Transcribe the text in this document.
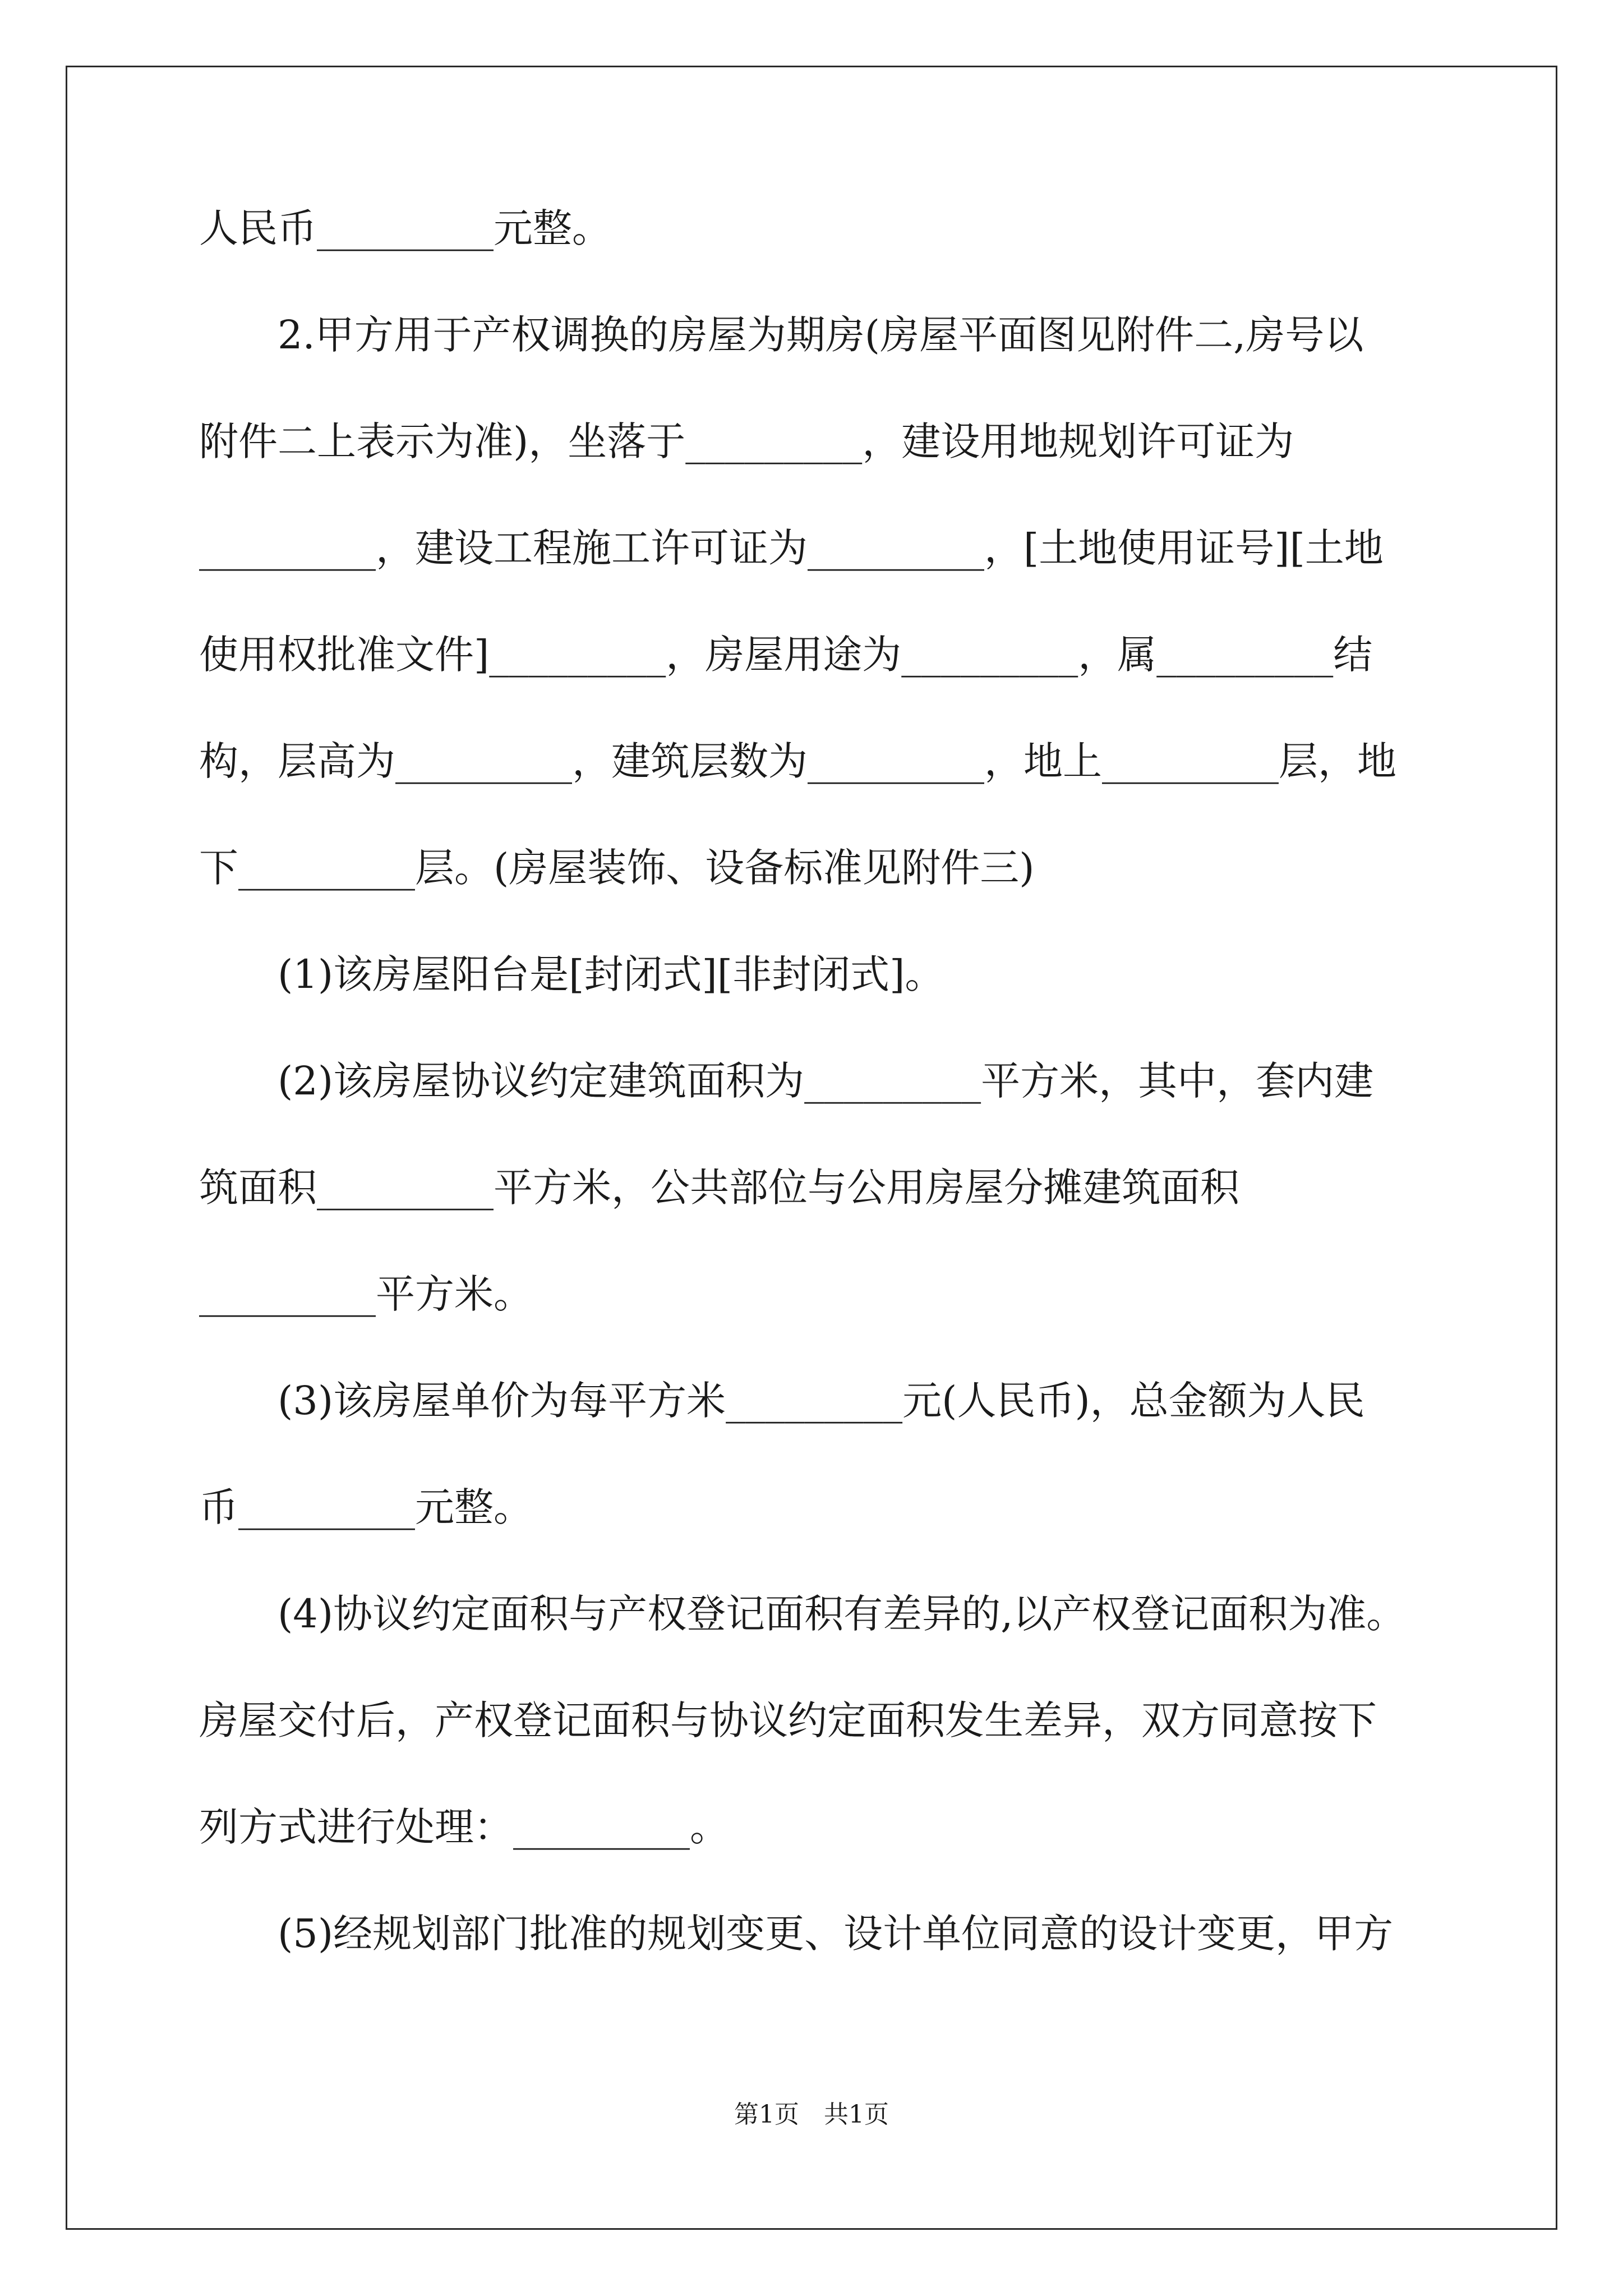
人民币_________元整。
2.甲方用于产权调换的房屋为期房(房屋平面图见附件二,房号以
附件二上表示为准)，坐落于_________，建设用地规划许可证为
_________，建设工程施工许可证为_________，[土地使用证号][土地
使用权批准文件]_________，房屋用途为_________，属_________结
构，层高为_________，建筑层数为_________，地上_________层，地
下_________层。(房屋装饰、设备标准见附件三)
(1)该房屋阳台是[封闭式][非封闭式]。
(2)该房屋协议约定建筑面积为_________平方米，其中，套内建
筑面积_________平方米，公共部位与公用房屋分摊建筑面积
_________平方米。
(3)该房屋单价为每平方米_________元(人民币)，总金额为人民
币_________元整。
(4)协议约定面积与产权登记面积有差异的,以产权登记面积为准。
房屋交付后，产权登记面积与协议约定面积发生差异，双方同意按下
列方式进行处理：_________。
(5)经规划部门批准的规划变更、设计单位同意的设计变更，甲方
第1页　共1页
